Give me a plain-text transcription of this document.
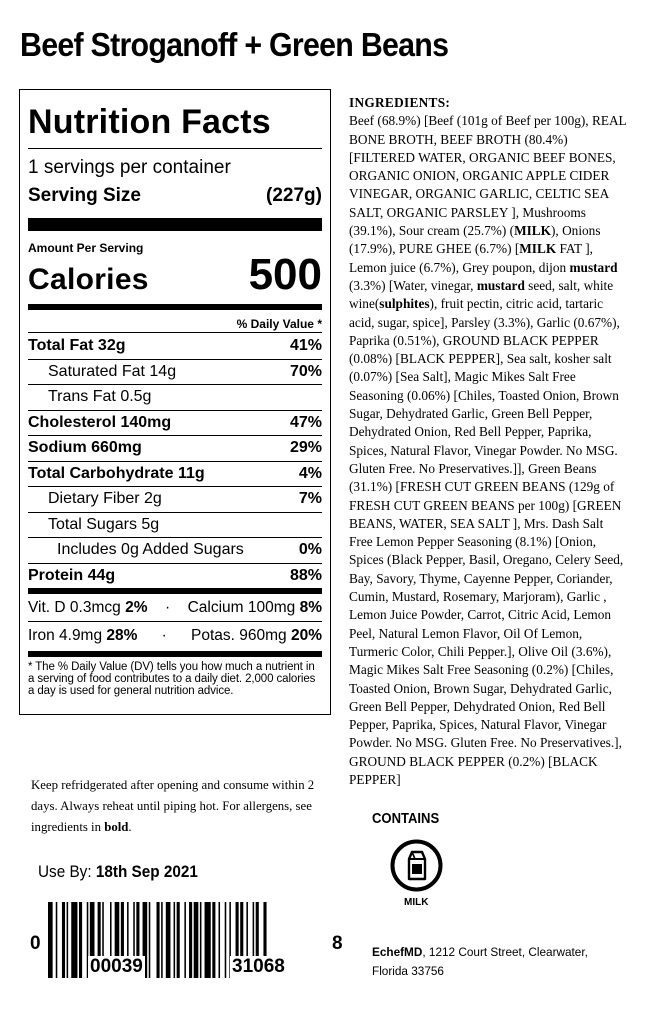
Beef Stroganoff + Green Beans
Nutrition Facts
1 servings per container
Serving Size	(227g)
Amount Per Serving
Calories 500
% Daily Value *
Total Fat 32g	41%
Saturated Fat 14g	70%
Trans Fat 0.5g
Cholesterol 140mg	47%
Sodium 660mg	29%
Total Carbohydrate 11g	4%
Dietary Fiber 2g	7%
Total Sugars 5g
Includes 0g Added Sugars	0%
Protein 44g	88%
Vit. D 0.3mcg 2%	·	Calcium 100mg 8%
Iron 4.9mg 28%	·	Potas. 960mg 20%
* The % Daily Value (DV) tells you how much a nutrient in a serving of food contributes to a daily diet. 2,000 calories a day is used for general nutrition advice.
INGREDIENTS:
Beef (68.9%) [Beef (101g of Beef per 100g), REAL BONE BROTH, BEEF BROTH (80.4%) [FILTERED WATER, ORGANIC BEEF BONES, ORGANIC ONION, ORGANIC APPLE CIDER VINEGAR, ORGANIC GARLIC, CELTIC SEA SALT, ORGANIC PARSLEY ], Mushrooms (39.1%), Sour cream (25.7%) (MILK), Onions (17.9%), PURE GHEE (6.7%) [MILK FAT ], Lemon juice (6.7%), Grey poupon, dijon mustard (3.3%) [Water, vinegar, mustard seed, salt, white wine(sulphites), fruit pectin, citric acid, tartaric acid, sugar, spice], Parsley (3.3%), Garlic (0.67%), Paprika (0.51%), GROUND BLACK PEPPER (0.08%) [BLACK PEPPER], Sea salt, kosher salt (0.07%) [Sea Salt], Magic Mikes Salt Free Seasoning (0.06%) [Chiles, Toasted Onion, Brown Sugar, Dehydrated Garlic, Green Bell Pepper, Dehydrated Onion, Red Bell Pepper, Paprika, Spices, Natural Flavor, Vinegar Powder. No MSG. Gluten Free. No Preservatives.]], Green Beans (31.1%) [FRESH CUT GREEN BEANS (129g of FRESH CUT GREEN BEANS per 100g) [GREEN BEANS, WATER, SEA SALT ], Mrs. Dash Salt Free Lemon Pepper Seasoning (8.1%) [Onion, Spices (Black Pepper, Basil, Oregano, Celery Seed, Bay, Savory, Thyme, Cayenne Pepper, Coriander, Cumin, Mustard, Rosemary, Marjoram), Garlic , Lemon Juice Powder, Carrot, Citric Acid, Lemon Peel, Natural Lemon Flavor, Oil Of Lemon, Turmeric Color, Chili Pepper.], Olive Oil (3.6%), Magic Mikes Salt Free Seasoning (0.2%) [Chiles, Toasted Onion, Brown Sugar, Dehydrated Garlic, Green Bell Pepper, Dehydrated Onion, Red Bell Pepper, Paprika, Spices, Natural Flavor, Vinegar Powder. No MSG. Gluten Free. No Preservatives.], GROUND BLACK PEPPER (0.2%) [BLACK PEPPER]
Keep refridgerated after opening and consume within 2 days. Always reheat until piping hot. For allergens, see ingredients in bold.	CONTAINS
MILK
Use By: 18th Sep 2021
0
00039	31068
8 EchefMD, 1212 Court Street, Clearwater, Florida 33756
